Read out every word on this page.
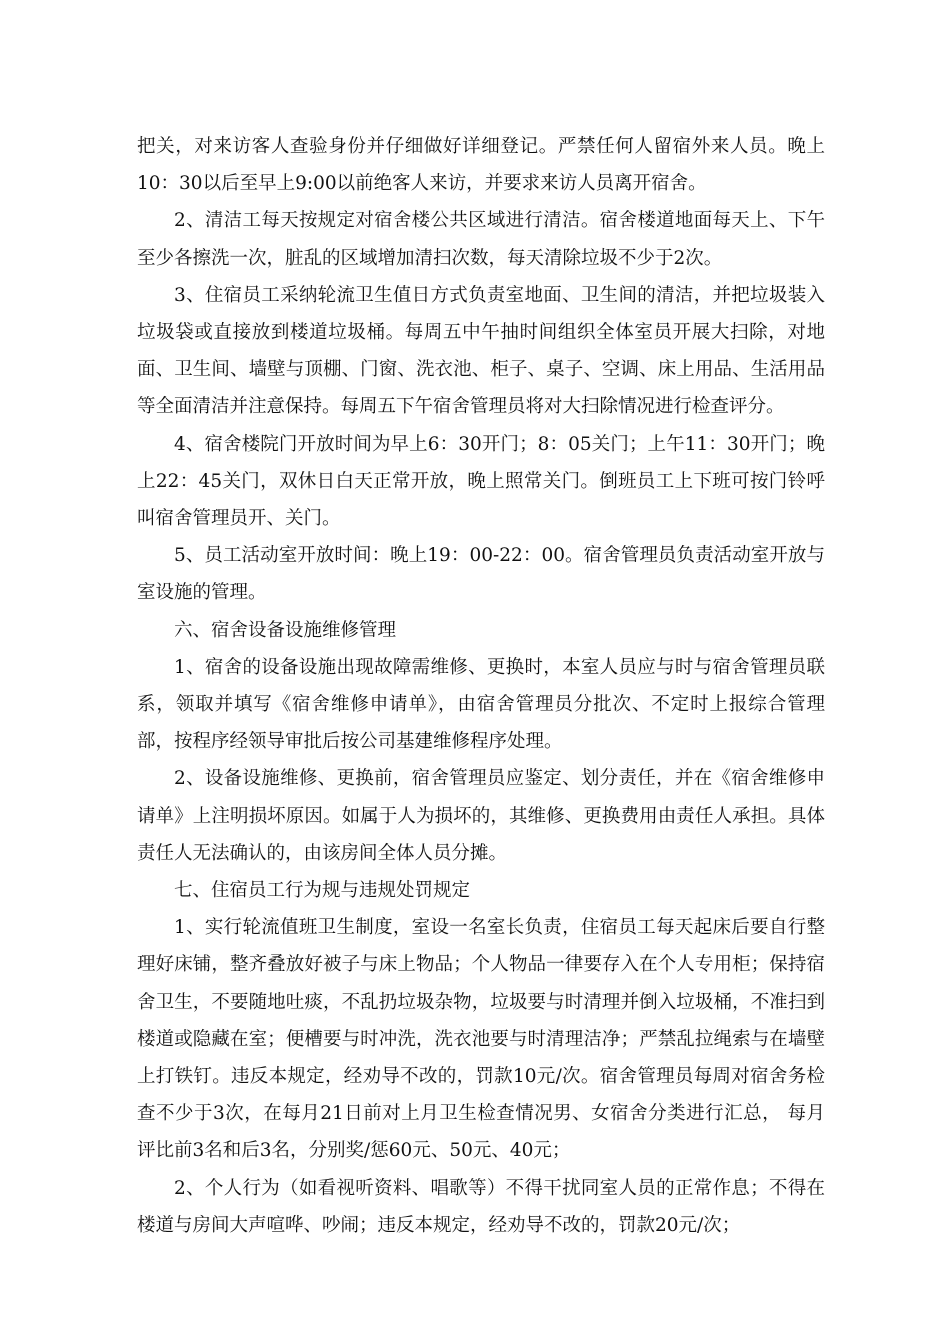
把关，对来访客人查验身份并仔细做好详细登记。严禁任何人留宿外来人员。晚上10：30以后至早上9:00以前绝客人来访，并要求来访人员离开宿舍。

2、清洁工每天按规定对宿舍楼公共区域进行清洁。宿舍楼道地面每天上、下午至少各擦洗一次，脏乱的区域增加清扫次数，每天清除垃圾不少于2次。

3、住宿员工采纳轮流卫生值日方式负责室地面、卫生间的清洁，并把垃圾装入垃圾袋或直接放到楼道垃圾桶。每周五中午抽时间组织全体室员开展大扫除，对地面、卫生间、墙壁与顶棚、门窗、洗衣池、柜子、桌子、空调、床上用品、生活用品等全面清洁并注意保持。每周五下午宿舍管理员将对大扫除情况进行检查评分。

4、宿舍楼院门开放时间为早上6：30开门；8：05关门；上午11：30开门；晚上22：45关门，双休日白天正常开放，晚上照常关门。倒班员工上下班可按门铃呼叫宿舍管理员开、关门。

5、员工活动室开放时间：晚上19：00-22：00。宿舍管理员负责活动室开放与室设施的管理。

六、宿舍设备设施维修管理

1、宿舍的设备设施出现故障需维修、更换时，本室人员应与时与宿舍管理员联系，领取并填写《宿舍维修申请单》，由宿舍管理员分批次、不定时上报综合管理部，按程序经领导审批后按公司基建维修程序处理。

2、设备设施维修、更换前，宿舍管理员应鉴定、划分责任，并在《宿舍维修申请单》上注明损坏原因。如属于人为损坏的，其维修、更换费用由责任人承担。具体责任人无法确认的，由该房间全体人员分摊。

七、住宿员工行为规与违规处罚规定

1、实行轮流值班卫生制度，室设一名室长负责，住宿员工每天起床后要自行整理好床铺，整齐叠放好被子与床上物品；个人物品一律要存入在个人专用柜；保持宿舍卫生，不要随地吐痰，不乱扔垃圾杂物，垃圾要与时清理并倒入垃圾桶，不准扫到楼道或隐藏在室；便槽要与时冲洗，洗衣池要与时清理洁净；严禁乱拉绳索与在墙壁上打铁钉。违反本规定，经劝导不改的，罚款10元/次。宿舍管理员每周对宿舍务检查不少于3次，在每月21日前对上月卫生检查情况男、女宿舍分类进行汇总， 每月评比前3名和后3名，分别奖/惩60元、50元、40元；

2、个人行为（如看视听资料、唱歌等）不得干扰同室人员的正常作息；不得在楼道与房间大声喧哗、吵闹；违反本规定，经劝导不改的，罚款20元/次；
